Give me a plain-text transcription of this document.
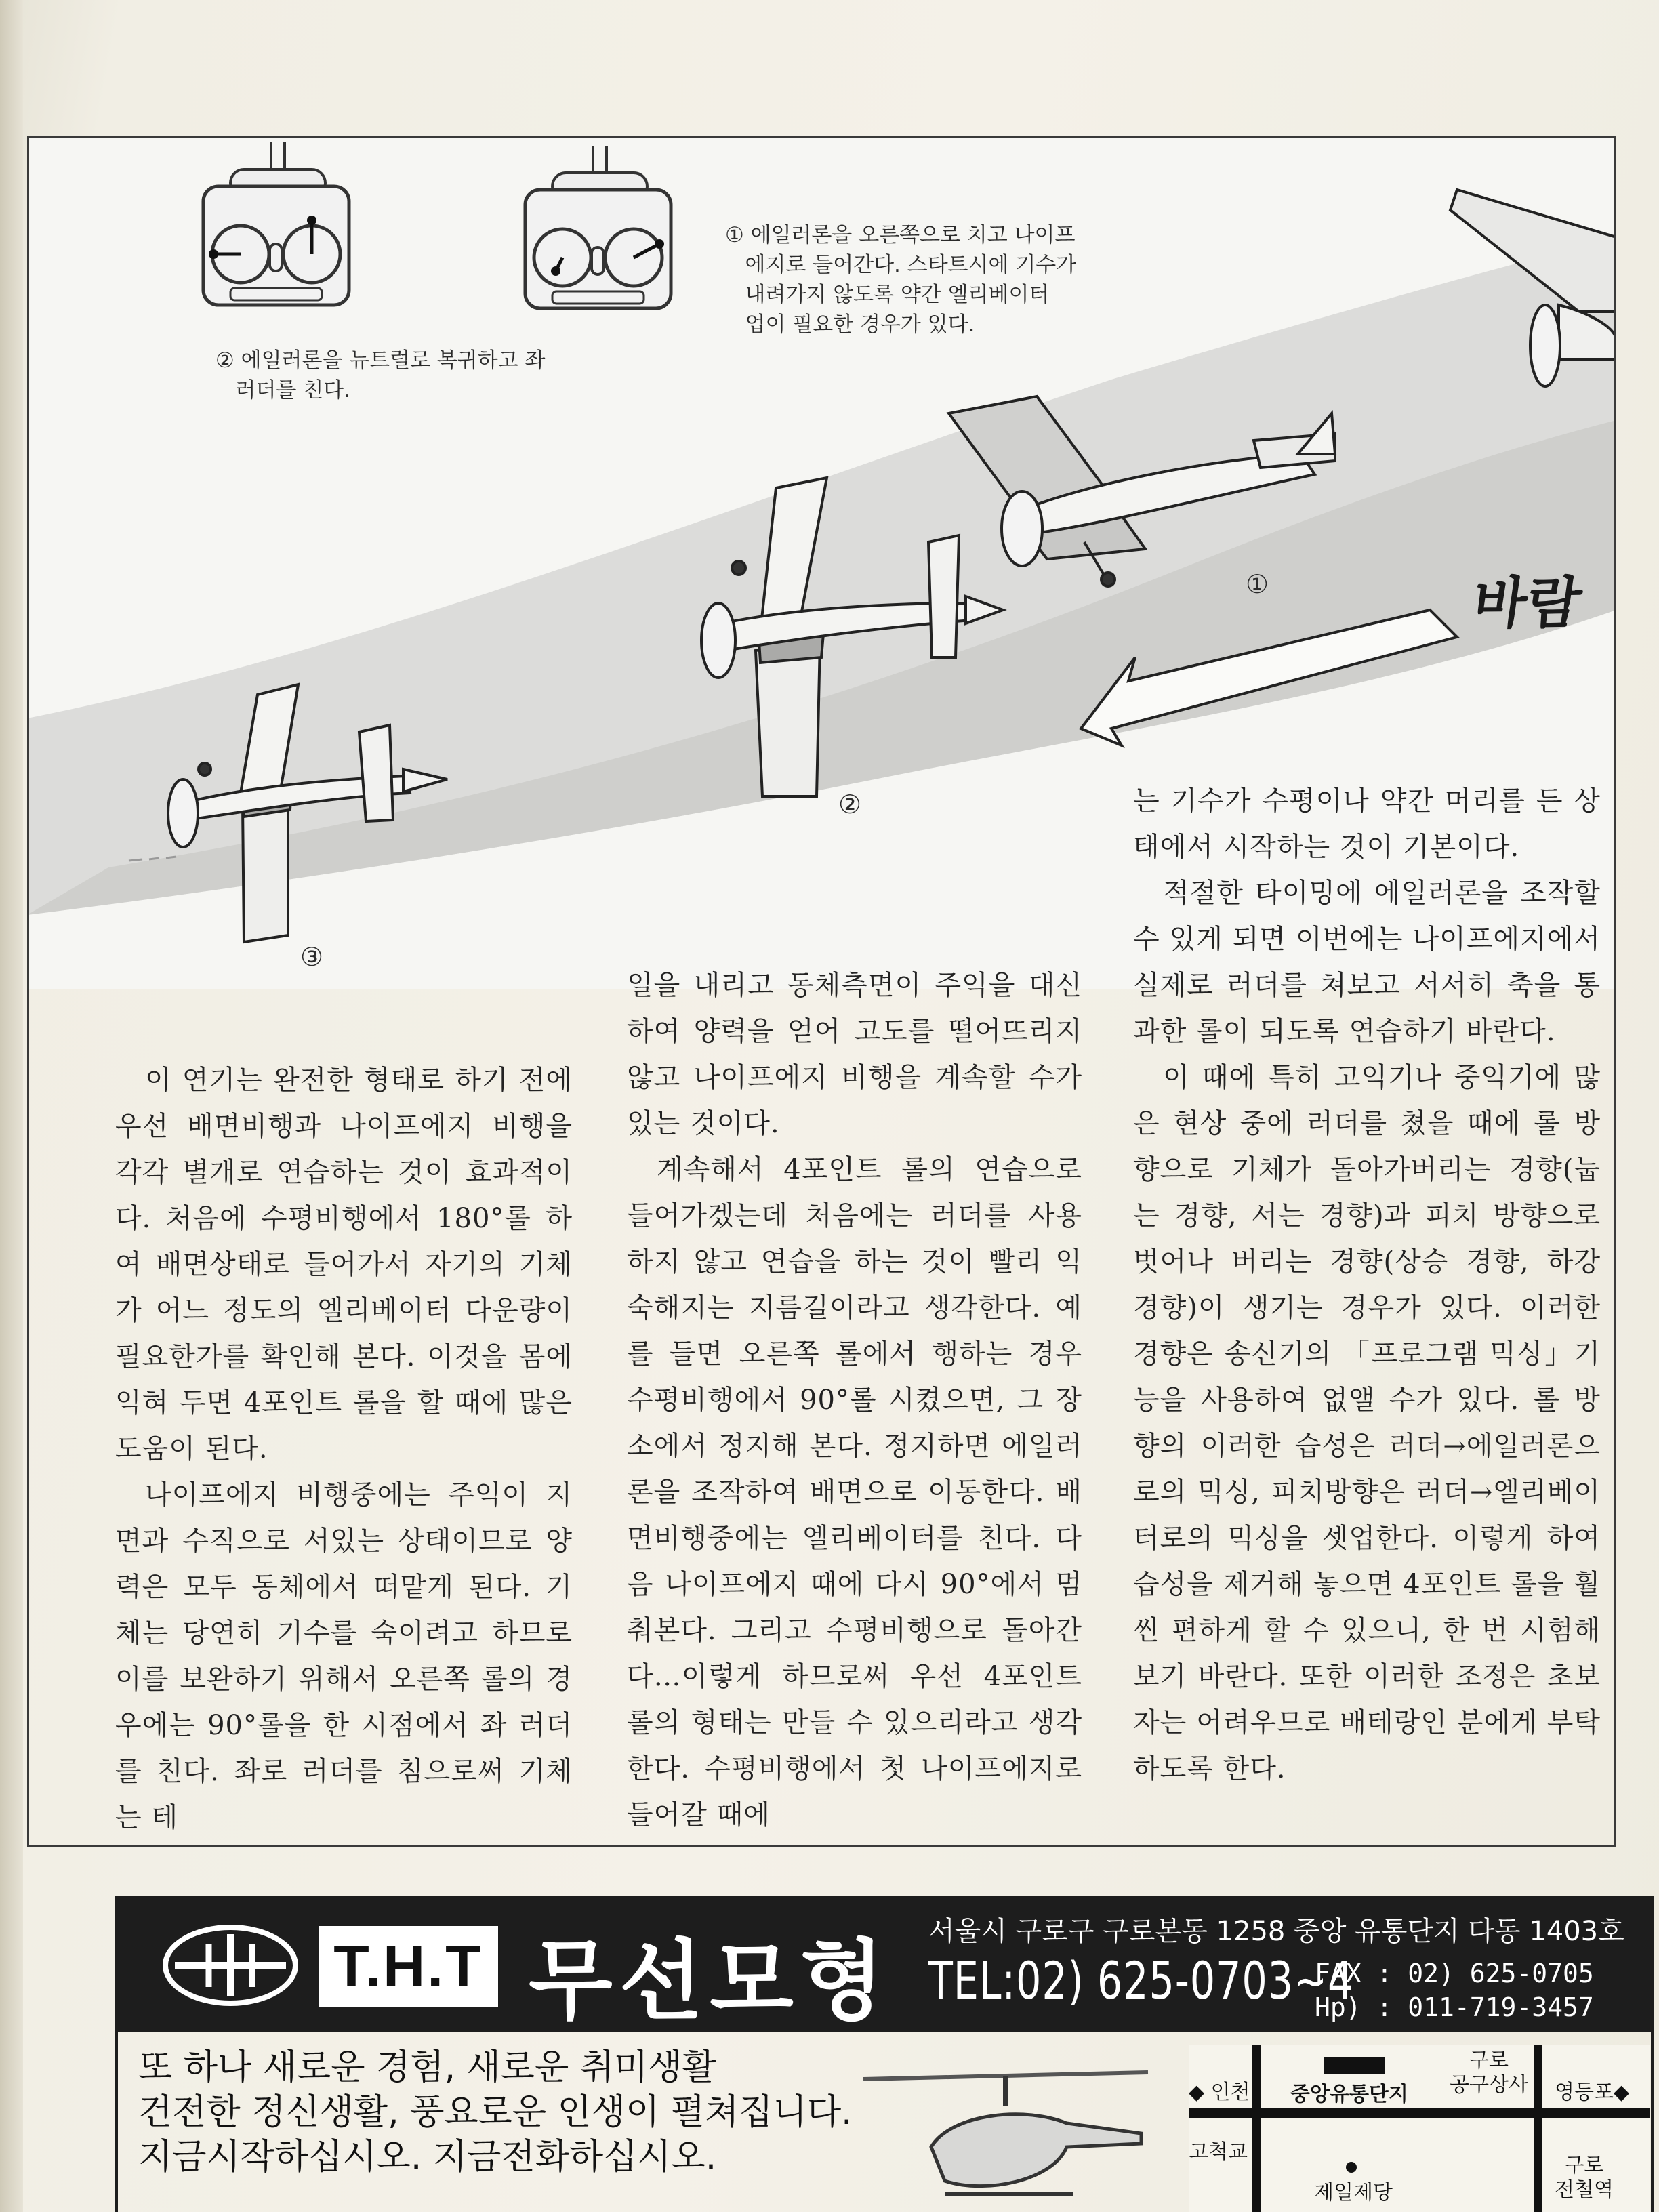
① 에일러론을 오른쪽으로 치고 나이프
에지로 들어간다. 스타트시에 기수가
내려가지 않도록 약간 엘리베이터
업이 필요한 경우가 있다.
② 에일러론을 뉴트럴로 복귀하고 좌
러더를 친다.
①
②
③
바람

이 연기는 완전한 형태로 하기 전에 우선 배면비행과 나이프에지 비행을 각각 별개로 연습하는 것이 효과적이다. 처음에 수평비행에서 180°롤 하여 배면상태로 들어가서 자기의 기체가 어느 정도의 엘리베이터 다운량이 필요한가를 확인해 본다. 이것을 몸에 익혀 두면 4포인트 롤을 할 때에 많은 도움이 된다.

나이프에지 비행중에는 주익이 지면과 수직으로 서있는 상태이므로 양력은 모두 동체에서 떠맡게 된다. 기체는 당연히 기수를 숙이려고 하므로 이를 보완하기 위해서 오른쪽 롤의 경우에는 90°롤을 한 시점에서 좌 러더를 친다. 좌로 러더를 침으로써 기체는 테

일을 내리고 동체측면이 주익을 대신하여 양력을 얻어 고도를 떨어뜨리지 않고 나이프에지 비행을 계속할 수가 있는 것이다.

계속해서 4포인트 롤의 연습으로 들어가겠는데 처음에는 러더를 사용하지 않고 연습을 하는 것이 빨리 익숙해지는 지름길이라고 생각한다. 예를 들면 오른쪽 롤에서 행하는 경우 수평비행에서 90°롤 시켰으면, 그 장소에서 정지해 본다. 정지하면 에일러론을 조작하여 배면으로 이동한다. 배면비행중에는 엘리베이터를 친다. 다음 나이프에지 때에 다시 90°에서 멈춰본다. 그리고 수평비행으로 돌아간다…이렇게 하므로써 우선 4포인트 롤의 형태는 만들 수 있으리라고 생각한다. 수평비행에서 첫 나이프에지로 들어갈 때에

는 기수가 수평이나 약간 머리를 든 상태에서 시작하는 것이 기본이다.

적절한 타이밍에 에일러론을 조작할 수 있게 되면 이번에는 나이프에지에서 실제로 러더를 쳐보고 서서히 축을 통과한 롤이 되도록 연습하기 바란다.

이 때에 특히 고익기나 중익기에 많은 현상 중에 러더를 쳤을 때에 롤 방향으로 기체가 돌아가버리는 경향(눕는 경향, 서는 경향)과 피치 방향으로 벗어나 버리는 경향(상승 경향, 하강 경향)이 생기는 경우가 있다. 이러한 경향은 송신기의 「프로그램 믹싱」기능을 사용하여 없앨 수가 있다. 롤 방향의 이러한 습성은 러더→에일러론으로의 믹싱, 피치방향은 러더→엘리베이터로의 믹싱을 셋업한다. 이렇게 하여 습성을 제거해 놓으면 4포인트 롤을 훨씬 편하게 할 수 있으니, 한 번 시험해 보기 바란다. 또한 이러한 조정은 초보자는 어려우므로 배테랑인 분에게 부탁하도록 한다.

T.H.T 무선모형 서울시 구로구 구로본동 1258 중앙 유통단지 다동 1403호
TEL:02) 625-0703~4
FAX : 02) 625-0705
Hp) : 011-719-3457
또 하나 새로운 경험, 새로운 취미생활
건전한 정신생활, 풍요로운 인생이 펼쳐집니다.
지금시작하십시오. 지금전화하십시오.
◆ 인천 중앙유통단지
구로
공구상사 영등포◆
고척교
제일제당
구로
전철역
